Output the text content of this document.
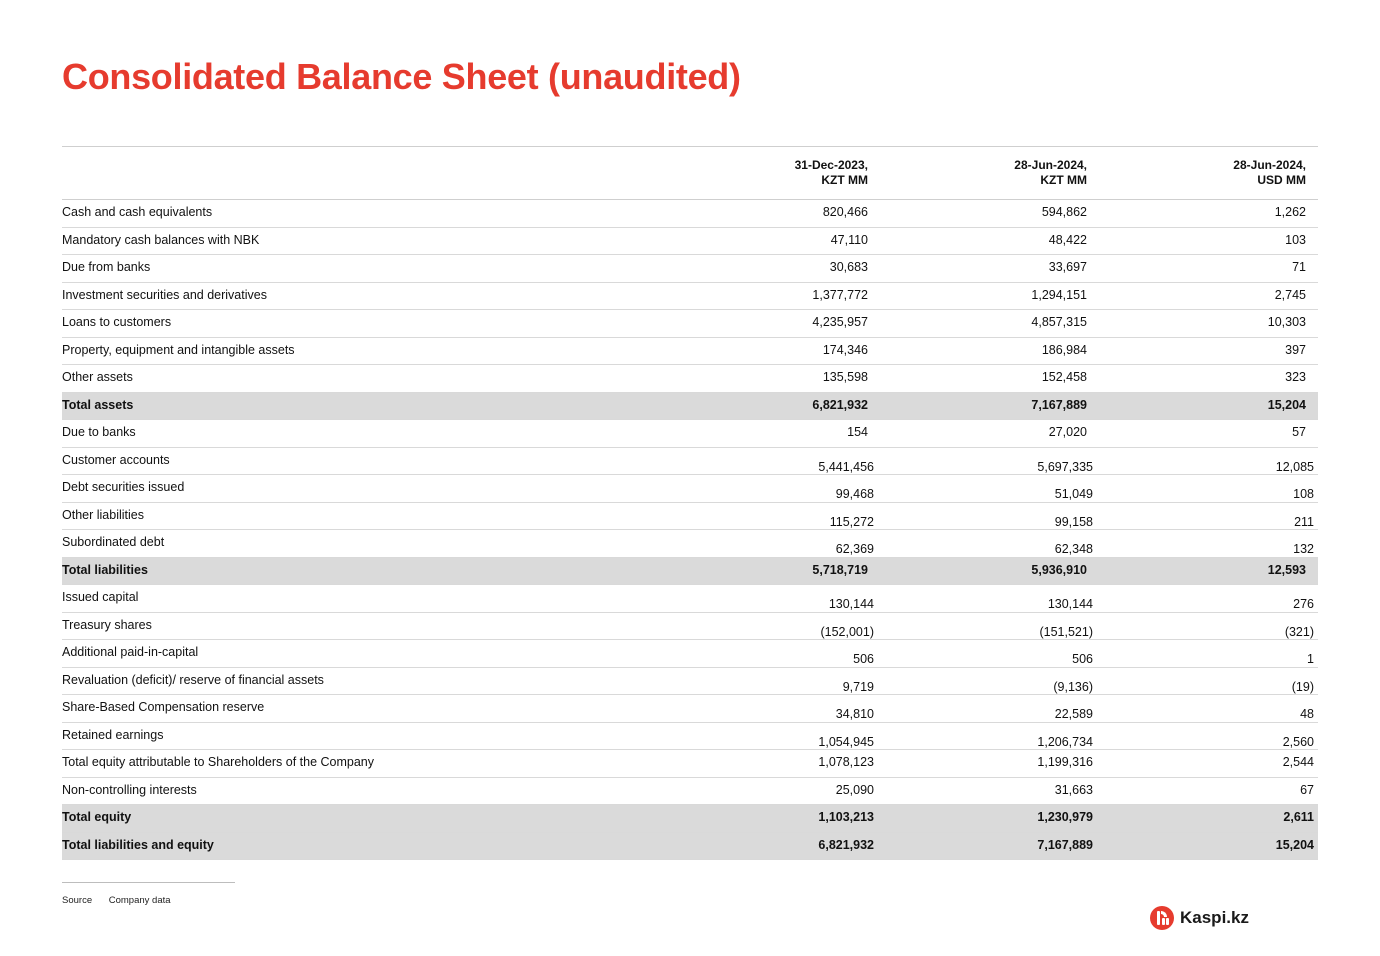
Consolidated Balance Sheet (unaudited)
31-Dec-2023,
KZT MM
28-Jun-2024,
KZT MM
28-Jun-2024,
USD MM
Cash and cash equivalents	820,466	594,862	1,262
Mandatory cash balances with NBK	47,110	48,422	103
Due from banks	30,683	33,697	71
Investment securities and derivatives	1,377,772	1,294,151	2,745
Loans to customers	4,235,957	4,857,315	10,303
Property, equipment and intangible assets	174,346	186,984	397
Other assets	135,598	152,458	323
Total assets	6,821,932	7,167,889	15,204
Due to banks	154	27,020	57
Customer accounts	5,441,456	5,697,335	12,085
Debt securities issued	99,468	51,049	108
Other liabilities	115,272	99,158	211
Subordinated debt	62,369	62,348	132
Total liabilities	5,718,719	5,936,910	12,593
Issued capital	130,144	130,144	276
Treasury shares	(152,001)	(151,521)	(321)
Additional paid-in-capital	506	506	1
Revaluation (deficit)/ reserve of financial assets	9,719	(9,136)	(19)
Share-Based Compensation reserve	34,810	22,589	48
Retained earnings	1,054,945	1,206,734	2,560
Total equity attributable to Shareholders of the Company	1,078,123	1,199,316	2,544
Non-controlling interests	25,090	31,663	67
Total equity	1,103,213	1,230,979	2,611
Total liabilities and equity	6,821,932	7,167,889	15,204
Source Company data
Kaspi.kz
